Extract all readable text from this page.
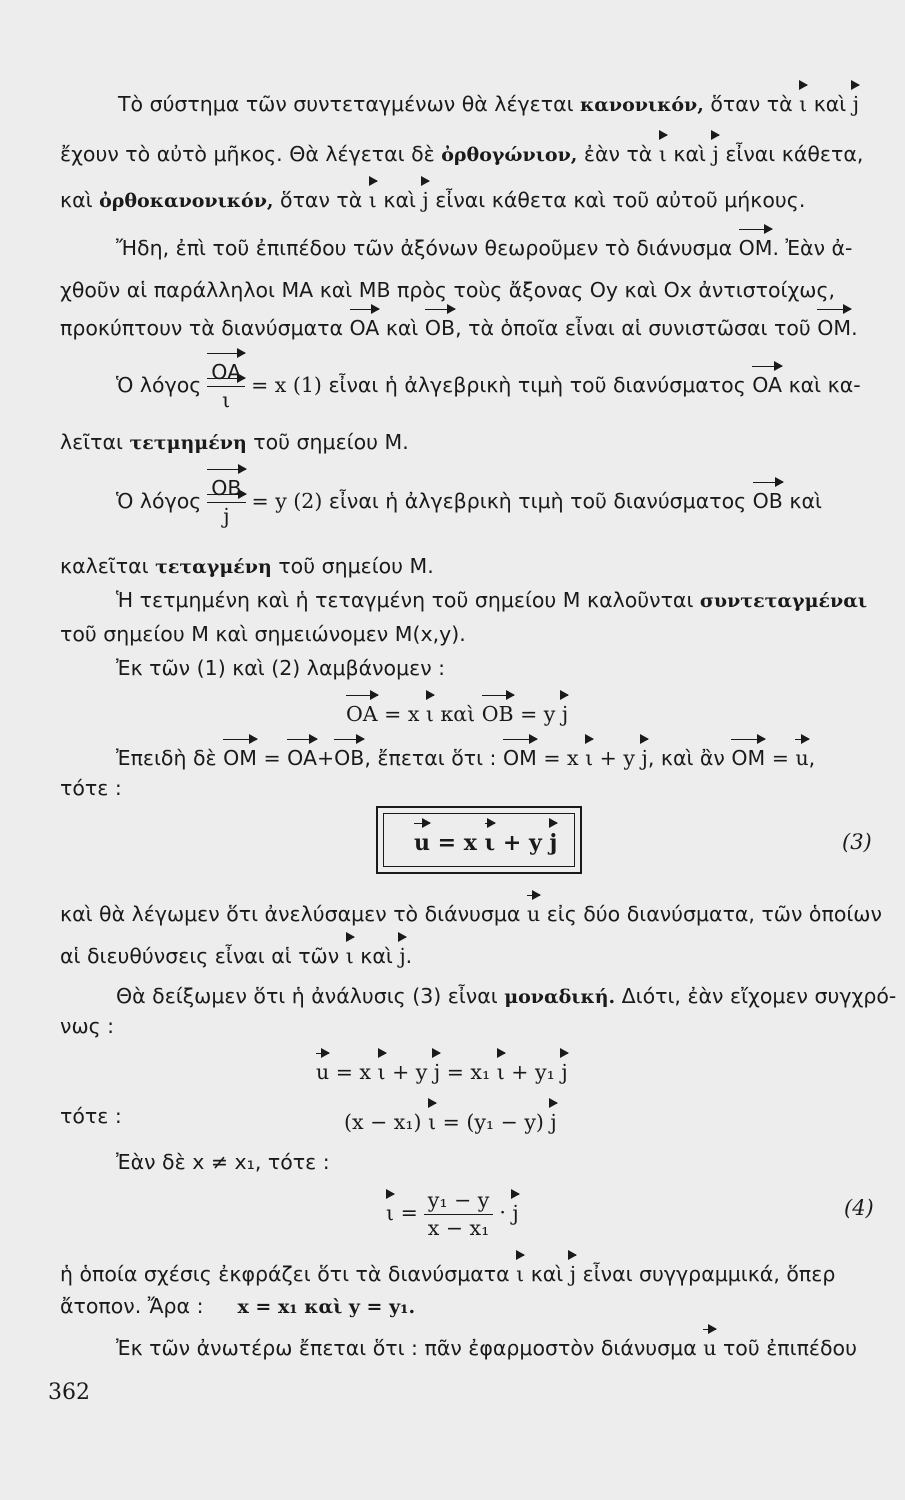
Τὸ σύστημα τῶν συντεταγμένων θὰ λέγεται κανονικόν, ὅταν τὰ ι καὶ j
ἔχουν τὸ αὐτὸ μῆκος. Θὰ λέγεται δὲ ὀρθογώνιον, ἐὰν τὰ ι καὶ j εἶναι κάθετα,
καὶ ὀρθοκανονικόν, ὅταν τὰ ι καὶ j εἶναι κάθετα καὶ τοῦ αὐτοῦ μήκους.
Ἤδη, ἐπὶ τοῦ ἐπιπέδου τῶν ἀξόνων θεωροῦμεν τὸ διάνυσμα OM. Ἐὰν ἀ-
χθοῦν αἱ παράλληλοι MA καὶ MB πρὸς τοὺς ἄξονας Oy καὶ Ox ἀντιστοίχως,
προκύπτουν τὰ διανύσματα OA καὶ OB, τὰ ὁποῖα εἶναι αἱ συνιστῶσαι τοῦ OM.
Ὁ λόγος $\frac{OA}{\iota} = x$ (1) εἶναι ἡ ἀλγεβρικὴ τιμὴ τοῦ διανύσματος OA καὶ κα-
λεῖται τετμημένη τοῦ σημείου M.
Ὁ λόγος $\frac{OB}{j} = y$ (2) εἶναι ἡ ἀλγεβρικὴ τιμὴ τοῦ διανύσματος OB καὶ
καλεῖται τεταγμένη τοῦ σημείου M.
Ἡ τετμημένη καὶ ἡ τεταγμένη τοῦ σημείου M καλοῦνται συντεταγμέναι
τοῦ σημείου M καὶ σημειώνομεν M(x,y).
Ἐκ τῶν (1) καὶ (2) λαμβάνομεν :
OA = x ι καὶ OB = y j
Ἐπειδὴ δὲ OM = OA+OB, ἔπεται ὅτι : OM = x ι + y j, καὶ ἂν OM = u,
τότε :
u = x ι + y j	(3)
καὶ θὰ λέγωμεν ὅτι ἀνελύσαμεν τὸ διάνυσμα u εἰς δύο διανύσματα, τῶν ὁποίων
αἱ διευθύνσεις εἶναι αἱ τῶν ι καὶ j.
Θὰ δείξωμεν ὅτι ἡ ἀνάλυσις (3) εἶναι μοναδική. Διότι, ἐὰν εἴχομεν συγχρό-
νως :
u = x ι + y j = x₁ ι + y₁ j
τότε :	(x − x₁) ι = (y₁ − y) j
Ἐὰν δὲ x ≠ x₁, τότε :
$\iota = \frac{\text{y₁ − y}}{\text{x − x₁}} \cdot j$	(4)
ἡ ὁποία σχέσις ἐκφράζει ὅτι τὰ διανύσματα ι καὶ j εἶναι συγγραμμικά, ὅπερ
ἄτοπον. Ἄρα : x = x₁ καὶ y = y₁.
Ἐκ τῶν ἀνωτέρω ἔπεται ὅτι : πᾶν ἐφαρμοστὸν διάνυσμα u τοῦ ἐπιπέδου
362
